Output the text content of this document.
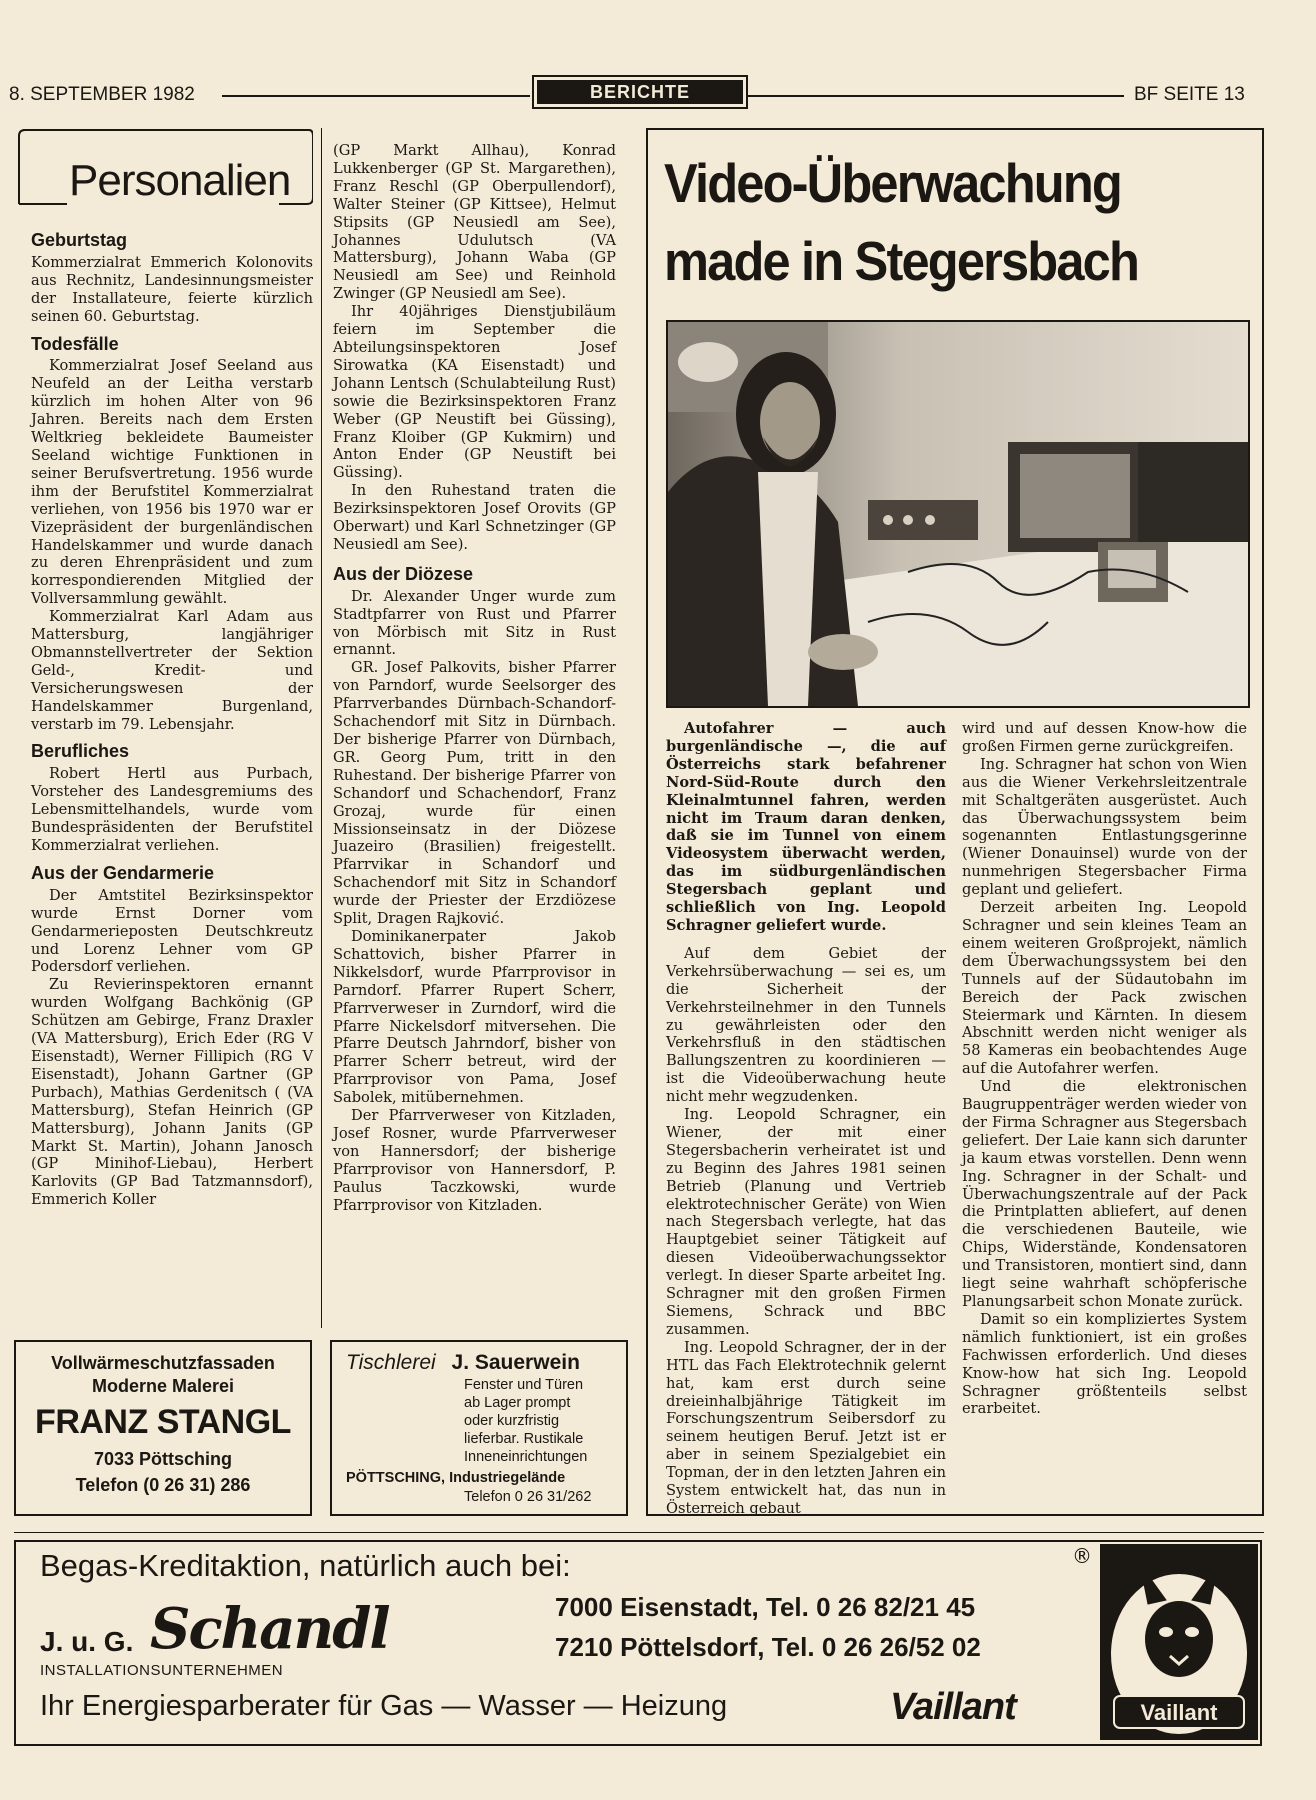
8. SEPTEMBER 1982	BERICHTE	BF SEITE 13
Personalien
Geburtstag

Kommerzialrat Emmerich Kolonovits aus Rechnitz, Landesinnungsmeister der Installateure, feierte kürzlich seinen 60. Geburtstag.

Todesfälle

Kommerzialrat Josef Seeland aus Neufeld an der Leitha verstarb kürzlich im hohen Alter von 96 Jahren. Bereits nach dem Ersten Weltkrieg bekleidete Baumeister Seeland wichtige Funktionen in seiner Berufsvertretung. 1956 wurde ihm der Berufstitel Kommerzialrat verliehen, von 1956 bis 1970 war er Vizepräsident der burgenländischen Handelskammer und wurde danach zu deren Ehrenpräsident und zum korrespondierenden Mitglied der Vollversammlung gewählt.

Kommerzialrat Karl Adam aus Mattersburg, langjähriger Obmannstellvertreter der Sektion Geld-, Kredit- und Versicherungswesen der Handelskammer Burgenland, verstarb im 79. Lebensjahr.

Berufliches

Robert Hertl aus Purbach, Vorsteher des Landesgremiums des Lebensmittelhandels, wurde vom Bundespräsidenten der Berufstitel Kommerzialrat verliehen.

Aus der Gendarmerie

Der Amtstitel Bezirksinspektor wurde Ernst Dorner vom Gendarmerieposten Deutschkreutz und Lorenz Lehner vom GP Podersdorf verliehen.

Zu Revierinspektoren ernannt wurden Wolfgang Bachkönig (GP Schützen am Gebirge, Franz Draxler (VA Mattersburg), Erich Eder (RG V Eisenstadt), Werner Fillipich (RG V Eisenstadt), Johann Gartner (GP Purbach), Mathias Gerdenitsch ( (VA Mattersburg), Stefan Heinrich (GP Mattersburg), Johann Janits (GP Markt St. Martin), Johann Janosch (GP Minihof-Liebau), Herbert Karlovits (GP Bad Tatzmannsdorf), Emmerich Koller

(GP Markt Allhau), Konrad Lukkenberger (GP St. Margarethen), Franz Reschl (GP Oberpullendorf), Walter Steiner (GP Kittsee), Helmut Stipsits (GP Neusiedl am See), Johannes Udulutsch (VA Mattersburg), Johann Waba (GP Neusiedl am See) und Reinhold Zwinger (GP Neusiedl am See).

Ihr 40jähriges Dienstjubiläum feiern im September die Abteilungsinspektoren Josef Sirowatka (KA Eisenstadt) und Johann Lentsch (Schulabteilung Rust) sowie die Bezirksinspektoren Franz Weber (GP Neustift bei Güssing), Franz Kloiber (GP Kukmirn) und Anton Ender (GP Neustift bei Güssing).

In den Ruhestand traten die Bezirksinspektoren Josef Orovits (GP Oberwart) und Karl Schnetzinger (GP Neusiedl am See).

Aus der Diözese

Dr. Alexander Unger wurde zum Stadtpfarrer von Rust und Pfarrer von Mörbisch mit Sitz in Rust ernannt.

GR. Josef Palkovits, bisher Pfarrer von Parndorf, wurde Seelsorger des Pfarrverbandes Dürnbach-Schandorf-Schachendorf mit Sitz in Dürnbach. Der bisherige Pfarrer von Dürnbach, GR. Georg Pum, tritt in den Ruhestand. Der bisherige Pfarrer von Schandorf und Schachendorf, Franz Grozaj, wurde für einen Missionseinsatz in der Diözese Juazeiro (Brasilien) freigestellt. Pfarrvikar in Schandorf und Schachendorf mit Sitz in Schandorf wurde der Priester der Erzdiözese Split, Dragen Rajković.

Dominikanerpater Jakob Schattovich, bisher Pfarrer in Nikkelsdorf, wurde Pfarrprovisor in Parndorf. Pfarrer Rupert Scherr, Pfarrverweser in Zurndorf, wird die Pfarre Nickelsdorf mitversehen. Die Pfarre Deutsch Jahrndorf, bisher von Pfarrer Scherr betreut, wird der Pfarrprovisor von Pama, Josef Sabolek, mitübernehmen.

Der Pfarrverweser von Kitzladen, Josef Rosner, wurde Pfarrverweser von Hannersdorf; der bisherige Pfarrprovisor von Hannersdorf, P. Paulus Taczkowski, wurde Pfarrprovisor von Kitzladen.

Video-Überwachung
made in Stegersbach

Autofahrer — auch burgenländische —, die auf Österreichs stark befahrener Nord-Süd-Route durch den Kleinalmtunnel fahren, werden nicht im Traum daran denken, daß sie im Tunnel von einem Videosystem überwacht werden, das im südburgenländischen Stegersbach geplant und schließlich von Ing. Leopold Schragner geliefert wurde.

Auf dem Gebiet der Verkehrsüberwachung — sei es, um die Sicherheit der Verkehrsteilnehmer in den Tunnels zu gewährleisten oder den Verkehrsfluß in den städtischen Ballungszentren zu koordinieren — ist die Videoüberwachung heute nicht mehr wegzudenken.

Ing. Leopold Schragner, ein Wiener, der mit einer Stegersbacherin verheiratet ist und zu Beginn des Jahres 1981 seinen Betrieb (Planung und Vertrieb elektrotechnischer Geräte) von Wien nach Stegersbach verlegte, hat das Hauptgebiet seiner Tätigkeit auf diesen Videoüberwachungssektor verlegt. In dieser Sparte arbeitet Ing. Schragner mit den großen Firmen Siemens, Schrack und BBC zusammen.

Ing. Leopold Schragner, der in der HTL das Fach Elektrotechnik gelernt hat, kam erst durch seine dreieinhalbjährige Tätigkeit im Forschungszentrum Seibersdorf zu seinem heutigen Beruf. Jetzt ist er aber in seinem Spezialgebiet ein Topman, der in den letzten Jahren ein System entwickelt hat, das nun in Österreich gebaut

wird und auf dessen Know-how die großen Firmen gerne zurückgreifen.

Ing. Schragner hat schon von Wien aus die Wiener Verkehrsleitzentrale mit Schaltgeräten ausgerüstet. Auch das Überwachungssystem beim sogenannten Entlastungsgerinne (Wiener Donauinsel) wurde von der nunmehrigen Stegersbacher Firma geplant und geliefert.

Derzeit arbeiten Ing. Leopold Schragner und sein kleines Team an einem weiteren Großprojekt, nämlich dem Überwachungssystem bei den Tunnels auf der Südautobahn im Bereich der Pack zwischen Steiermark und Kärnten. In diesem Abschnitt werden nicht weniger als 58 Kameras ein beobachtendes Auge auf die Autofahrer werfen.

Und die elektronischen Baugruppenträger werden wieder von der Firma Schragner aus Stegersbach geliefert. Der Laie kann sich darunter ja kaum etwas vorstellen. Denn wenn Ing. Schragner in der Schalt- und Überwachungszentrale auf der Pack die Printplatten abliefert, auf denen die verschiedenen Bauteile, wie Chips, Widerstände, Kondensatoren und Transistoren, montiert sind, dann liegt seine wahrhaft schöpferische Planungsarbeit schon Monate zurück.

Damit so ein kompliziertes System nämlich funktioniert, ist ein großes Fachwissen erforderlich. Und dieses Know-how hat sich Ing. Leopold Schragner größtenteils selbst erarbeitet.

Vollwärmeschutzfassaden
Moderne Malerei
FRANZ STANGL
7033 Pöttsching
Telefon (0 26 31) 286
Tischlerei J. Sauerwein
Fenster und Türen
ab Lager prompt
oder kurzfristig
lieferbar. Rustikale
Inneneinrichtungen
PÖTTSCHING, Industriegelände
Telefon 0 26 31/262
Begas-Kreditaktion, natürlich auch bei:
J. u. G. Schandl
INSTALLATIONSUNTERNEHMEN
7000 Eisenstadt, Tel. 0 26 82/21 45
7210 Pöttelsdorf, Tel. 0 26 26/52 02
Ihr Energiesparberater für Gas — Wasser — Heizung	Vaillant
®
Vaillant
